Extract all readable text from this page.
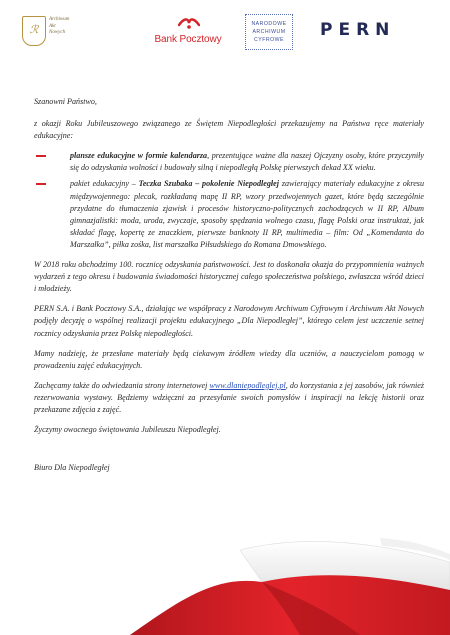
ℛ
Archiwum
Akt
Nowych
Bank Pocztowy
NARODOWE
ARCHIWUM
CYFROWE	PERN

Szanowni Państwo,

z okazji Roku Jubileuszowego związanego ze Świętem Niepodległości przekazujemy na Państwa ręce materiały edukacyjne:

plansze edukacyjne w formie kalendarza, prezentujące ważne dla naszej Ojczyzny osoby, które przyczyniły się do odzyskania wolności i budowały silną i niepodległą Polskę pierwszych dekad XX wieku.
pakiet edukacyjny – Teczka Szubaka – pokolenie Niepodległej zawierający materiały edukacyjne z okresu międzywojennego: plecak, rozkładaną mapę II RP, wzory przedwojennych gazet, które będą szczególnie przydatne do tłumaczenia zjawisk i procesów historyczno-politycznych zachodzących w II RP, Album gimnazjalistki: moda, uroda, zwyczaje, sposoby spędzania wolnego czasu, flagę Polski oraz instruktaż, jak składać flagę, kopertę ze znaczkiem, pierwsze banknoty II RP, multimedia – film: Od „Komendanta do Marszałka”, piłka zośka, list marszałka Piłsudskiego do Romana Dmowskiego.

W 2018 roku obchodzimy 100. rocznicę odzyskania państwowości. Jest to doskonała okazja do przypomnienia ważnych wydarzeń z tego okresu i budowania świadomości historycznej całego społeczeństwa polskiego, zwłaszcza wśród dzieci i młodzieży.

PERN S.A. i Bank Pocztowy S.A., działając we współpracy z Narodowym Archiwum Cyfrowym i Archiwum Akt Nowych podjęły decyzję o wspólnej realizacji projektu edukacyjnego „Dla Niepodległej”, którego celem jest uczczenie setnej rocznicy odzyskania przez Polskę niepodległości.

Mamy nadzieję, że przesłane materiały będą ciekawym źródłem wiedzy dla uczniów, a nauczycielom pomogą w prowadzeniu zajęć edukacyjnych.

Zachęcamy także do odwiedzania strony internetowej www.dlaniepodleglej.pl, do korzystania z jej zasobów, jak również rezerwowania wystawy. Będziemy wdzięczni za przesyłanie swoich pomysłów i inspiracji na lekcję historii oraz przekazane zdjęcia z zajęć.

Życzymy owocnego świętowania Jubileuszu Niepodległej.

Biuro Dla Niepodległej
